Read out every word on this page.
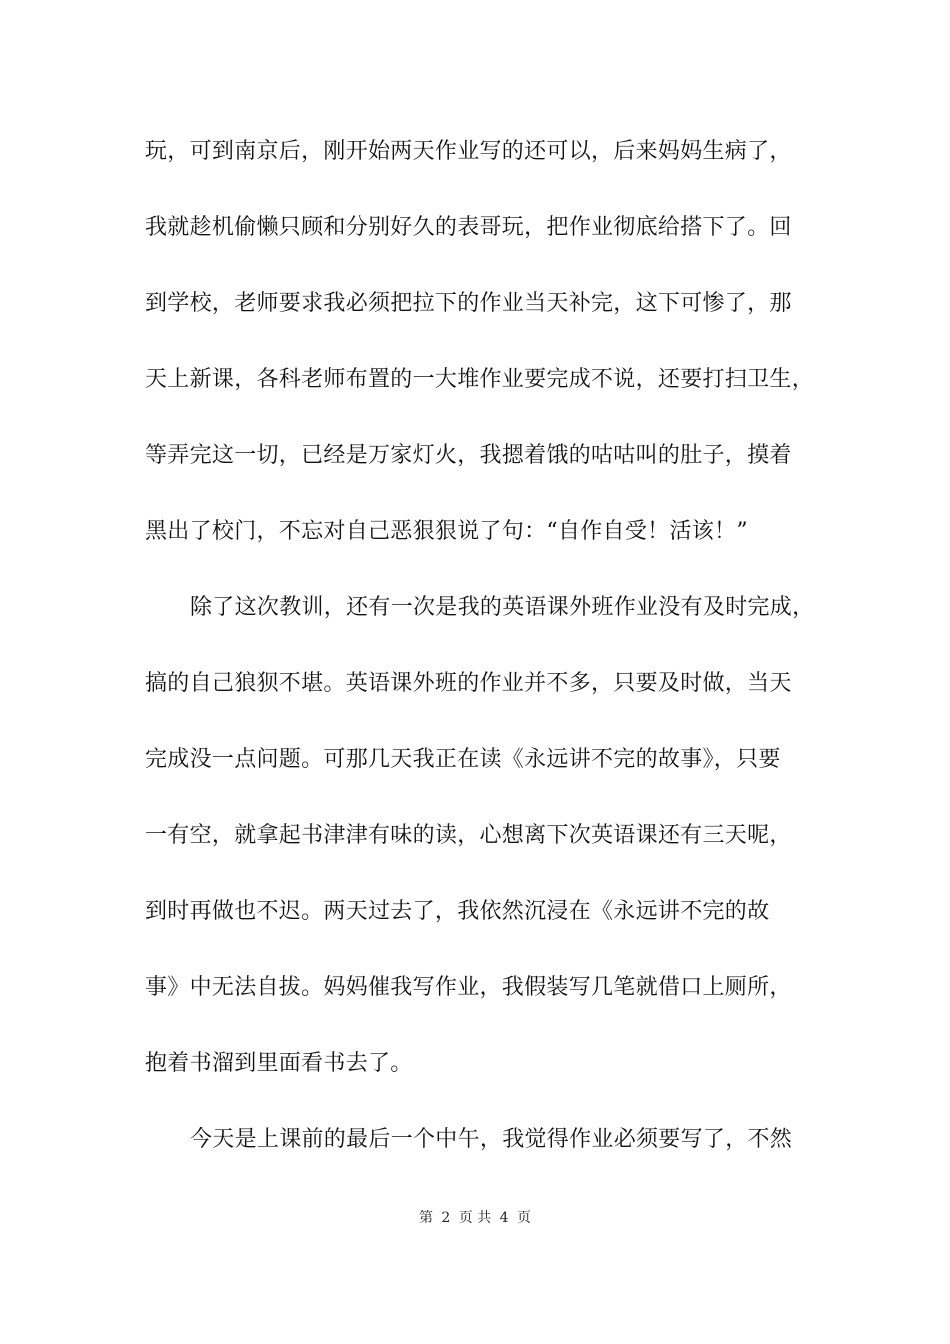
玩，可到南京后，刚开始两天作业写的还可以，后来妈妈生病了，
我就趁机偷懒只顾和分别好久的表哥玩，把作业彻底给搭下了。回
到学校，老师要求我必须把拉下的作业当天补完，这下可惨了，那
天上新课，各科老师布置的一大堆作业要完成不说，还要打扫卫生，
等弄完这一切，已经是万家灯火，我摁着饿的咕咕叫的肚子，摸着
黑出了校门，不忘对自己恶狠狠说了句：“自作自受！活该！”
除了这次教训，还有一次是我的英语课外班作业没有及时完成，
搞的自己狼狈不堪。英语课外班的作业并不多，只要及时做，当天
完成没一点问题。可那几天我正在读《永远讲不完的故事》，只要
一有空，就拿起书津津有味的读，心想离下次英语课还有三天呢，
到时再做也不迟。两天过去了，我依然沉浸在《永远讲不完的故
事》中无法自拔。妈妈催我写作业，我假装写几笔就借口上厕所，
抱着书溜到里面看书去了。
今天是上课前的最后一个中午，我觉得作业必须要写了，不然
第 2 页 共 4 页
